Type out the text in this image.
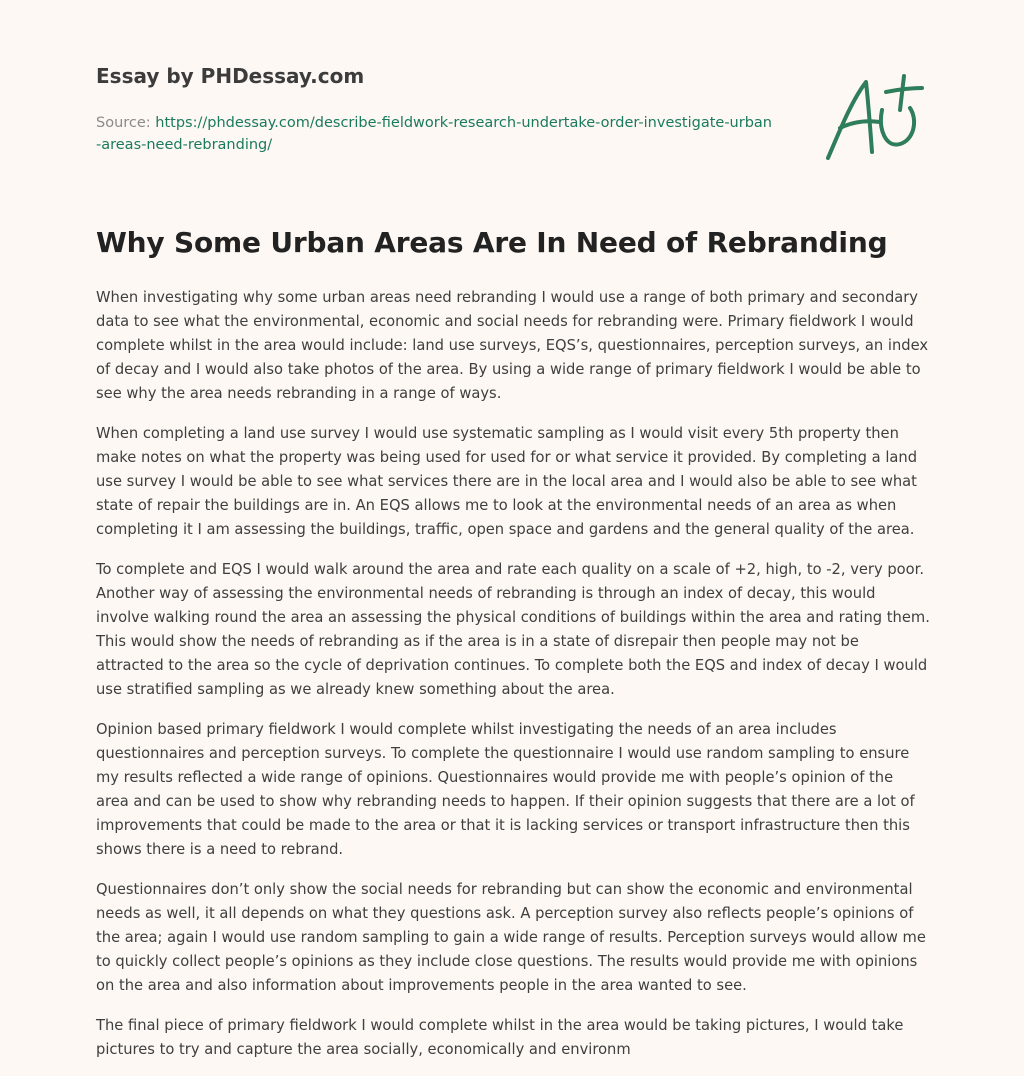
Essay by PHDessay.com
Source: https://phdessay.com/describe-fieldwork-research-undertake-order-investigate-urban-areas-need-rebranding/
Why Some Urban Areas Are In Need of Rebranding

When investigating why some urban areas need rebranding I would use a range of both primary and secondary data to see what the environmental, economic and social needs for rebranding were. Primary fieldwork I would complete whilst in the area would include: land use surveys, EQS’s, questionnaires, perception surveys, an index of decay and I would also take photos of the area. By using a wide range of primary fieldwork I would be able to see why the area needs rebranding in a range of ways.

When completing a land use survey I would use systematic sampling as I would visit every 5th property then make notes on what the property was being used for used for or what service it provided. By completing a land use survey I would be able to see what services there are in the local area and I would also be able to see what state of repair the buildings are in. An EQS allows me to look at the environmental needs of an area as when completing it I am assessing the buildings, traffic, open space and gardens and the general quality of the area.

To complete and EQS I would walk around the area and rate each quality on a scale of +2, high, to -2, very poor. Another way of assessing the environmental needs of rebranding is through an index of decay, this would involve walking round the area an assessing the physical conditions of buildings within the area and rating them. This would show the needs of rebranding as if the area is in a state of disrepair then people may not be attracted to the area so the cycle of deprivation continues. To complete both the EQS and index of decay I would use stratified sampling as we already knew something about the area.

Opinion based primary fieldwork I would complete whilst investigating the needs of an area includes questionnaires and perception surveys. To complete the questionnaire I would use random sampling to ensure my results reflected a wide range of opinions. Questionnaires would provide me with people’s opinion of the area and can be used to show why rebranding needs to happen. If their opinion suggests that there are a lot of improvements that could be made to the area or that it is lacking services or transport infrastructure then this shows there is a need to rebrand.

Questionnaires don’t only show the social needs for rebranding but can show the economic and environmental needs as well, it all depends on what they questions ask. A perception survey also reflects people’s opinions of the area; again I would use random sampling to gain a wide range of results. Perception surveys would allow me to quickly collect people’s opinions as they include close questions. The results would provide me with opinions on the area and also information about improvements people in the area wanted to see.

The final piece of primary fieldwork I would complete whilst in the area would be taking pictures, I would take pictures to try and capture the area socially, economically and environm
